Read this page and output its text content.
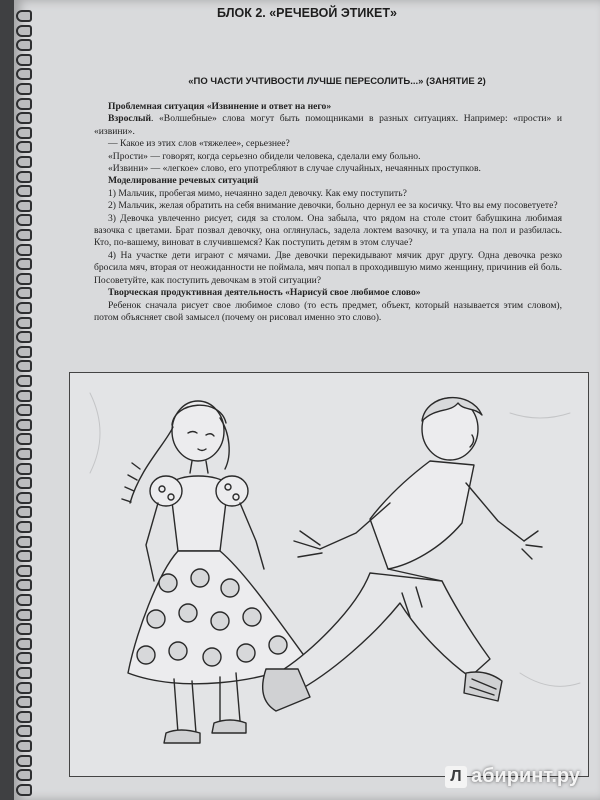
БЛОК 2. «РЕЧЕВОЙ ЭТИКЕТ»
«ПО ЧАСТИ УЧТИВОСТИ ЛУЧШЕ ПЕРЕСОЛИТЬ...» (ЗАНЯТИЕ 2)

Проблемная ситуация «Извинение и ответ на него»

Взрослый. «Волшебные» слова могут быть помощниками в разных ситуациях. Например: «прости» и «извини».

— Какое из этих слов «тяжелее», серьезнее?

«Прости» — говорят, когда серьезно обидели человека, сделали ему больно.

«Извини» — «легкое» слово, его употребляют в случае случайных, нечаянных проступков.

Моделирование речевых ситуаций

1) Мальчик, пробегая мимо, нечаянно задел девочку. Как ему поступить?

2) Мальчик, желая обратить на себя внимание девочки, больно дернул ее за косичку. Что вы ему посоветуете?

3) Девочка увлеченно рисует, сидя за столом. Она забыла, что рядом на столе стоит бабушкина любимая вазочка с цветами. Брат позвал девочку, она оглянулась, задела локтем вазочку, и та упала на пол и разбилась. Кто, по-вашему, виноват в случившемся? Как поступить детям в этом случае?

4) На участке дети играют с мячами. Две девочки перекидывают мячик друг другу. Одна девочка резко бросила мяч, вторая от неожиданности не поймала, мяч попал в проходившую мимо женщину, причинив ей боль. Посоветуйте, как поступить девочкам в этой ситуации?

Творческая продуктивная деятельность «Нарисуй свое любимое слово»

Ребенок сначала рисует свое любимое слово (то есть предмет, объект, который называется этим словом), потом объясняет свой замысел (почему он рисовал именно это слово).

Л абиринт.ру
